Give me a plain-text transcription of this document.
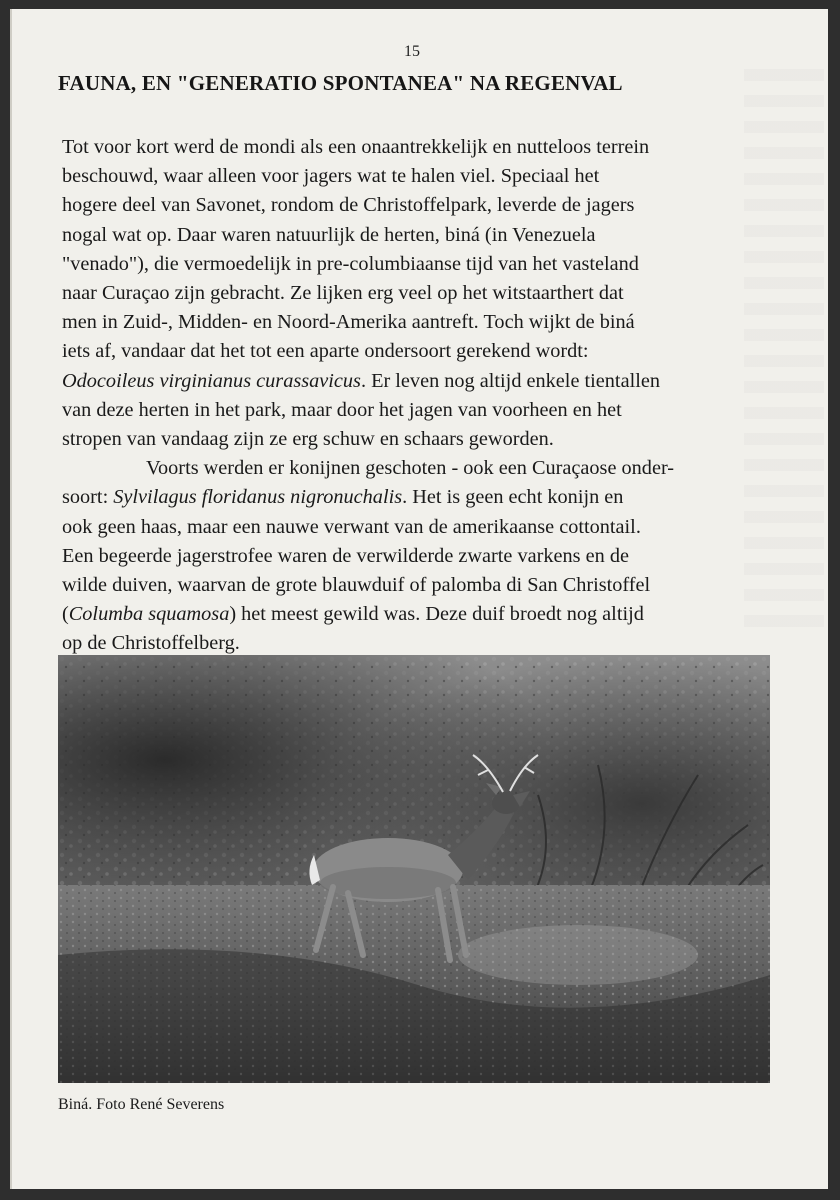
15
FAUNA, EN "GENERATIO SPONTANEA" NA REGENVAL
Tot voor kort werd de mondi als een onaantrekkelijk en nutteloos terrein
beschouwd, waar alleen voor jagers wat te halen viel. Speciaal het
hogere deel van Savonet, rondom de Christoffelpark, leverde de jagers
nogal wat op. Daar waren natuurlijk de herten, biná (in Venezuela
"venado"), die vermoedelijk in pre-columbiaanse tijd van het vasteland
naar Curaçao zijn gebracht. Ze lijken erg veel op het witstaarthert dat
men in Zuid-, Midden- en Noord-Amerika aantreft. Toch wijkt de biná
iets af, vandaar dat het tot een aparte ondersoort gerekend wordt:
Odocoileus virginianus curassavicus. Er leven nog altijd enkele tientallen
van deze herten in het park, maar door het jagen van voorheen en het
stropen van vandaag zijn ze erg schuw en schaars geworden.
Voorts werden er konijnen geschoten - ook een Curaçaose onder-
soort: Sylvilagus floridanus nigronuchalis. Het is geen echt konijn en
ook geen haas, maar een nauwe verwant van de amerikaanse cottontail.
Een begeerde jagerstrofee waren de verwilderde zwarte varkens en de
wilde duiven, waarvan de grote blauwduif of palomba di San Christoffel
(Columba squamosa) het meest gewild was. Deze duif broedt nog altijd
op de Christoffelberg.
Biná. Foto René Severens
